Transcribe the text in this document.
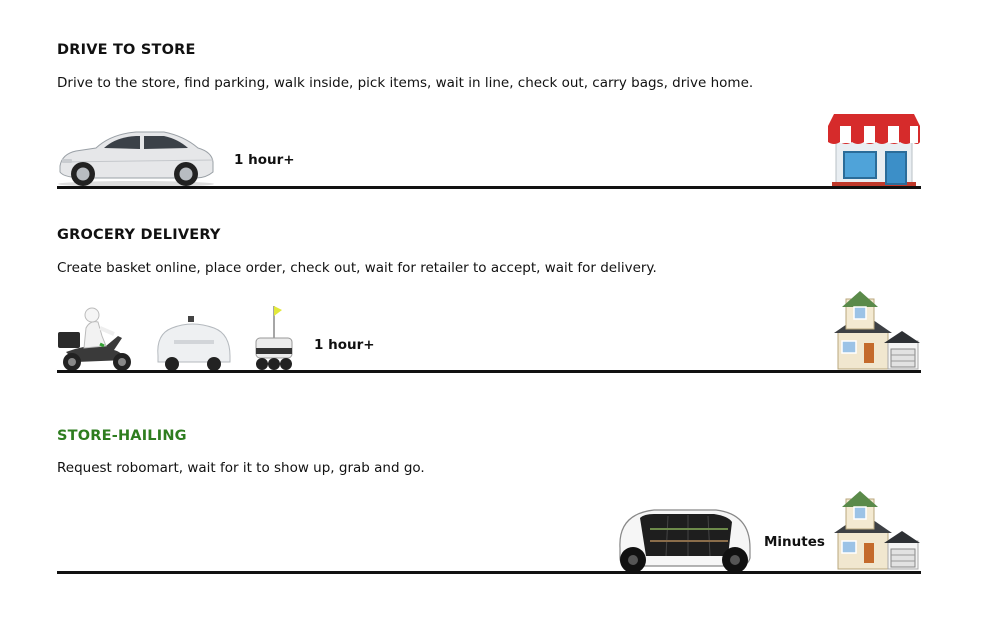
DRIVE TO STORE
Drive to the store, find parking, walk inside, pick items, wait in line, check out, carry bags, drive home.
1 hour+
GROCERY DELIVERY
Create basket online, place order, check out, wait for retailer to accept, wait for delivery.
1 hour+
STORE-HAILING
Request robomart, wait for it to show up, grab and go.
Minutes
